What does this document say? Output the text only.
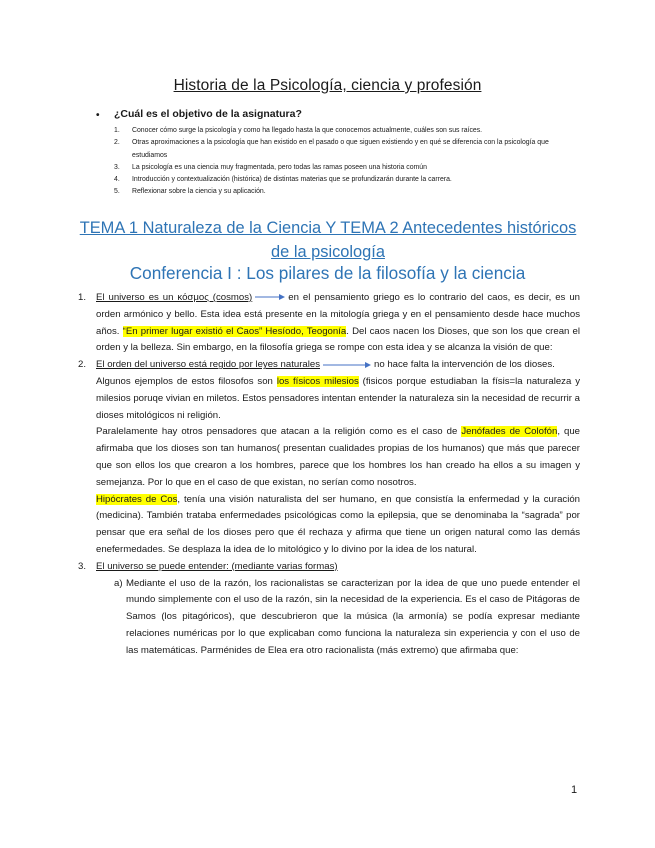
Historia de la Psicología, ciencia y profesión
• ¿Cuál es el objetivo de la asignatura?
1. Conocer cómo surge la psicología y como ha llegado hasta la que conocemos actualmente, cuáles son sus raíces.
2. Otras aproximaciones a la psicología que han existido en el pasado o que siguen existiendo y en qué se diferencia con la psicología que estudiamos
3. La psicología es una ciencia muy fragmentada, pero todas las ramas poseen una historia común
4. Introducción y contextualización (histórica) de distintas materias que se profundizarán durante la carrera.
5. Reflexionar sobre la ciencia y su aplicación.
TEMA 1 Naturaleza de la Ciencia Y TEMA 2 Antecedentes históricos de la psicología
Conferencia I : Los pilares de la filosofía y la ciencia
1. El universo es un κόσμος (cosmos)	en el pensamiento griego es lo contrario del caos, es decir, es un orden armónico y bello. Esta idea está presente en la mitología griega y en el pensamiento desde hace muchos años. “En primer lugar existió el Caos” Hesíodo, Teogonía. Del caos nacen los Dioses, que son los que crean el orden y la belleza. Sin embargo, en la filosofía griega se rompe con esta idea y se alcanza la visión de que:
2. El orden del universo está regido por leyes naturales	no hace falta la intervención de los dioses.
Algunos ejemplos de estos filosofos son los físicos milesios (fisicos porque estudiaban la físis=la naturaleza y milesios poruqe vivian en miletos. Estos pensadores intentan entender la naturaleza sin la necesidad de recurrir a dioses mitológicos ni religión.
Paralelamente hay otros pensadores que atacan a la religión como es el caso de Jenófades de Colofón, que afirmaba que los dioses son tan humanos( presentan cualidades propias de los humanos) que más que parecer que son ellos los que crearon a los hombres, parece que los hombres los han creado ha ellos a su imagen y semejanza. Por lo que en el caso de que existan, no serían como nosotros.
Hipócrates de Cos, tenía una visión naturalista del ser humano, en que consistía la enfermedad y la curación (medicina). También trataba enfermedades psicológicas como la epilepsia, que se denominaba la “sagrada” por pensar que era señal de los dioses pero que él rechaza y afirma que tiene un origen natural como las demás enefermedades. Se desplaza la idea de lo mitológico y lo divino por la idea de los natural.
3. El universo se puede entender: (mediante varias formas)
a) Mediante el uso de la razón, los racionalistas se caracterizan por la idea de que uno puede entender el mundo simplemente con el uso de la razón, sin la necesidad de la experiencia. Es el caso de Pitágoras de Samos (los pitagóricos), que descubrieron que la música (la armonía) se podía expresar mediante relaciones numéricas por lo que explicaban como funciona la naturaleza sin experiencia y con el uso de las matemáticas. Parménides de Elea era otro racionalista (más extremo) que afirmaba que:
1
